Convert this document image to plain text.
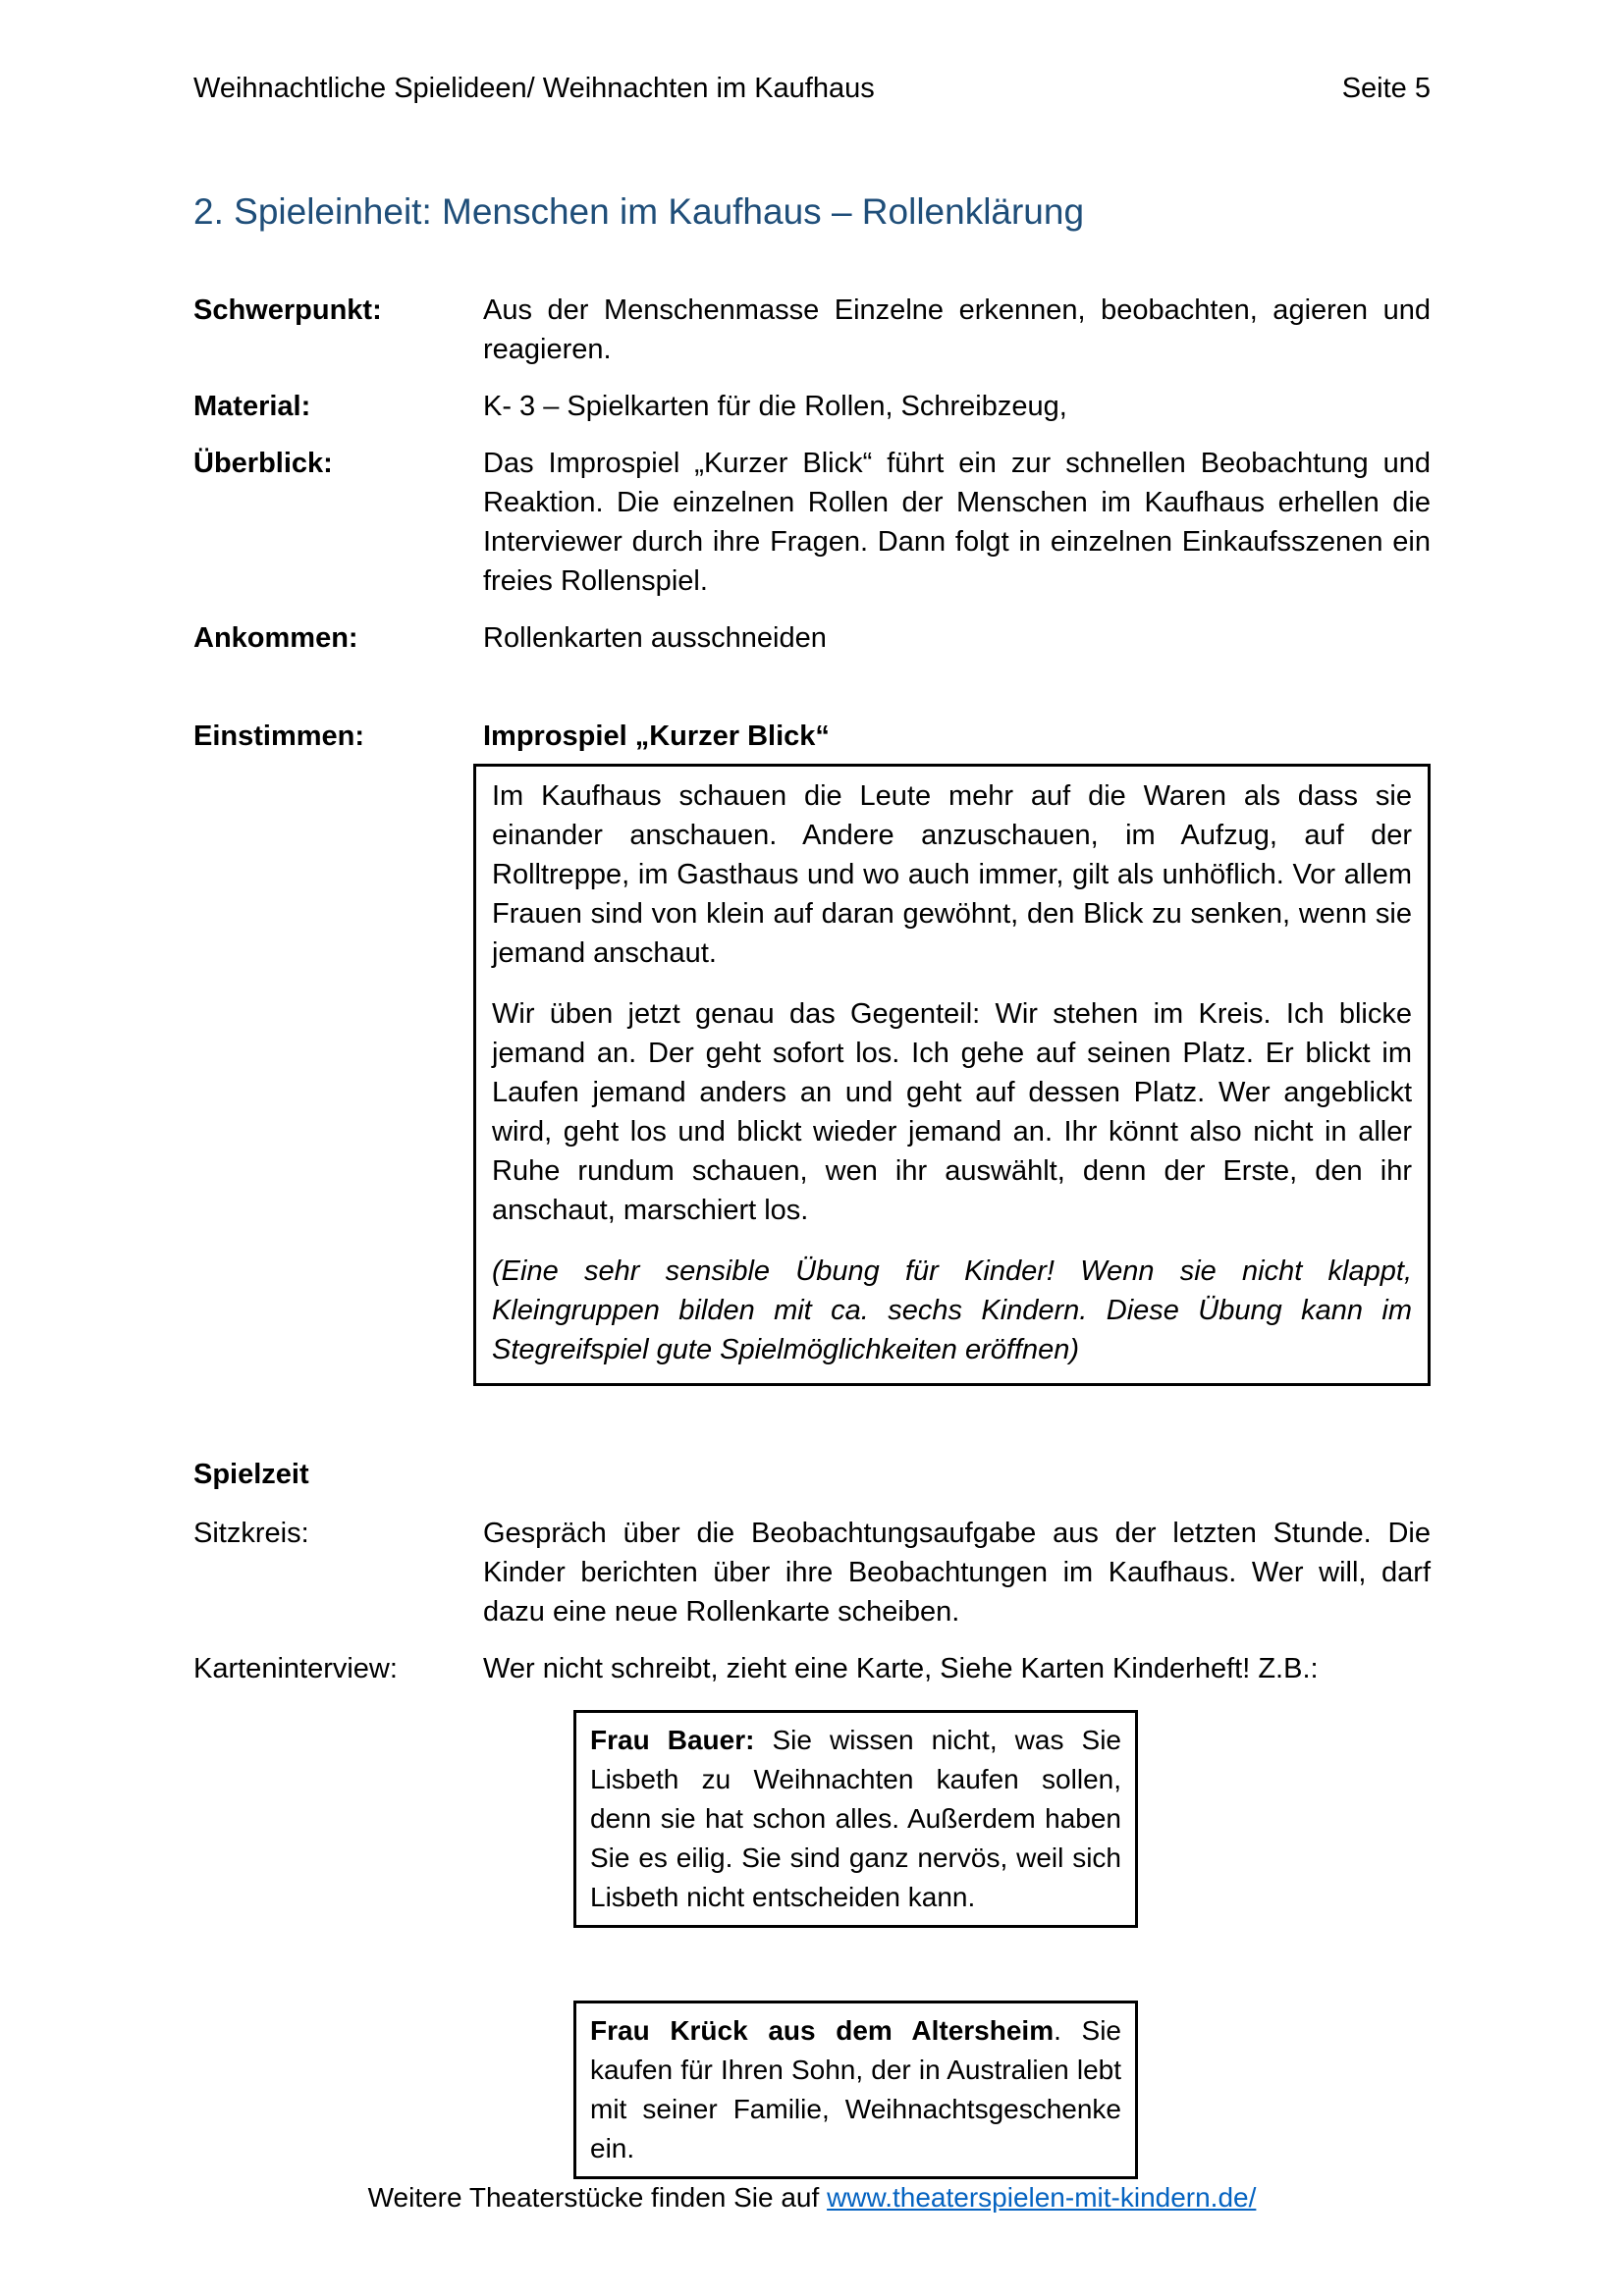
Weihnachtliche Spielideen/ Weihnachten im Kaufhaus	Seite 5
2. Spieleinheit: Menschen im Kaufhaus – Rollenklärung
Schwerpunkt:	Aus der Menschenmasse Einzelne erkennen, beobachten, agieren und reagieren.
Material:	K- 3 – Spielkarten für die Rollen, Schreibzeug,
Überblick:	Das Improspiel „Kurzer Blick“ führt ein zur schnellen Beobachtung und Reaktion. Die einzelnen Rollen der Menschen im Kaufhaus erhellen die Interviewer durch ihre Fragen. Dann folgt in einzelnen Einkaufsszenen ein freies Rollenspiel.
Ankommen:	Rollenkarten ausschneiden
Einstimmen:	Improspiel „Kurzer Blick“

Im Kaufhaus schauen die Leute mehr auf die Waren als dass sie einander anschauen. Andere anzuschauen, im Aufzug, auf der Rolltreppe, im Gasthaus und wo auch immer, gilt als unhöflich. Vor allem Frauen sind von klein auf daran gewöhnt, den Blick zu senken, wenn sie jemand anschaut.

Wir üben jetzt genau das Gegenteil: Wir stehen im Kreis. Ich blicke jemand an. Der geht sofort los. Ich gehe auf seinen Platz. Er blickt im Laufen jemand anders an und geht auf dessen Platz. Wer angeblickt wird, geht los und blickt wieder jemand an. Ihr könnt also nicht in aller Ruhe rundum schauen, wen ihr auswählt, denn der Erste, den ihr anschaut, marschiert los.

(Eine sehr sensible Übung für Kinder! Wenn sie nicht klappt, Kleingruppen bilden mit ca. sechs Kindern. Diese Übung kann im Stegreifspiel gute Spielmöglichkeiten eröffnen)

Spielzeit
Sitzkreis:	Gespräch über die Beobachtungsaufgabe aus der letzten Stunde. Die Kinder berichten über ihre Beobachtungen im Kaufhaus. Wer will, darf dazu eine neue Rollenkarte scheiben.
Karteninterview:	Wer nicht schreibt, zieht eine Karte, Siehe Karten Kinderheft! Z.B.:
Frau Bauer: Sie wissen nicht, was Sie Lisbeth zu Weihnachten kaufen sollen, denn sie hat schon alles. Außerdem haben Sie es eilig. Sie sind ganz nervös, weil sich Lisbeth nicht entscheiden kann.
Frau Krück aus dem Altersheim. Sie kaufen für Ihren Sohn, der in Australien lebt mit seiner Familie, Weihnachtsgeschenke ein.
Weitere Theaterstücke finden Sie auf www.theaterspielen-mit-kindern.de/
